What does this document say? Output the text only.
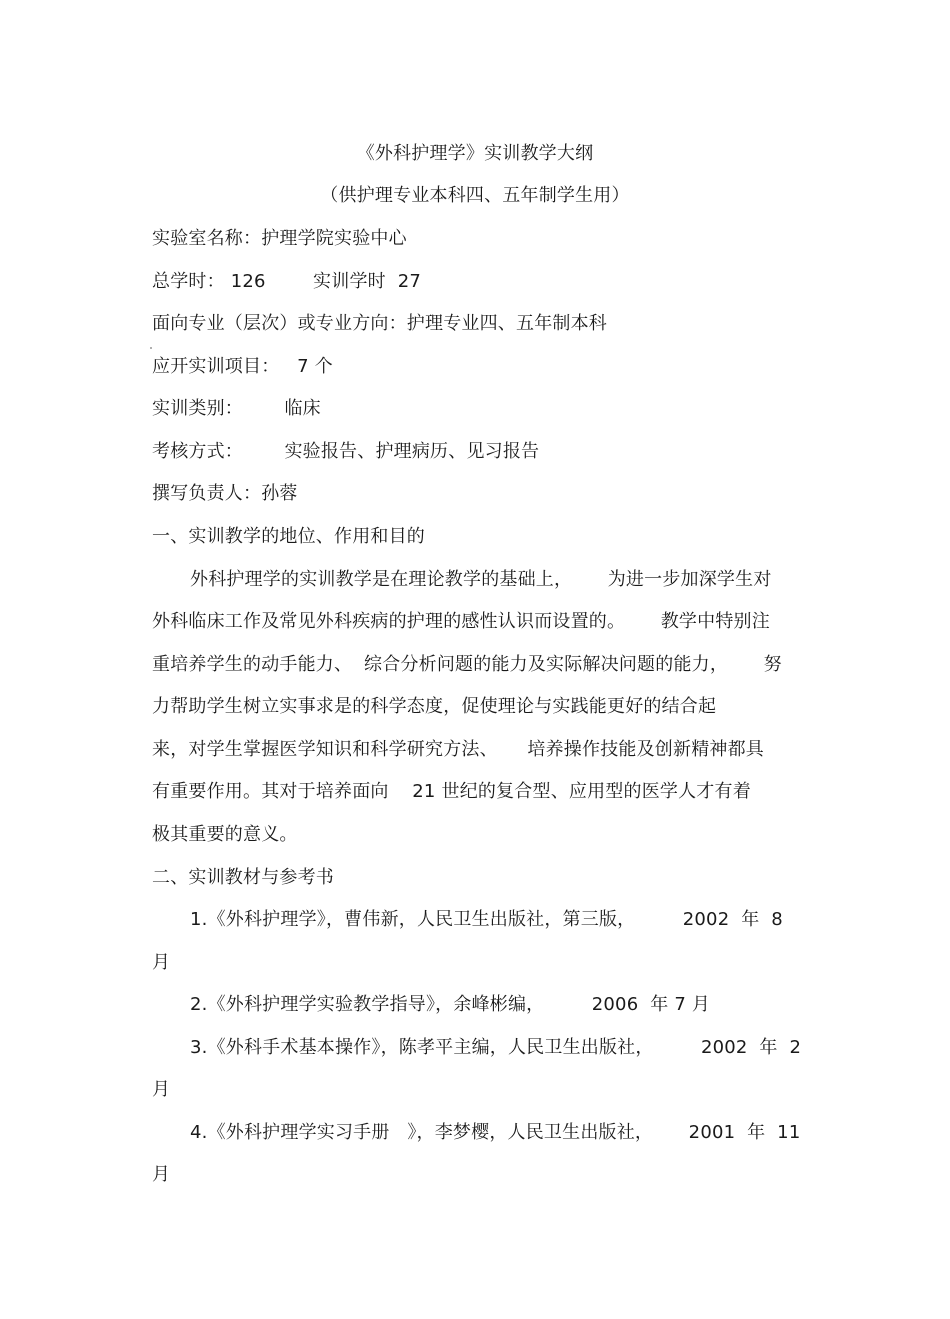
《外科护理学》实训教学大纲
（供护理专业本科四、五年制学生用）
实验室名称：护理学院实验中心
总学时： 126        实训学时  27
面向专业（层次）或专业方向：护理专业四、五年制本科
应开实训项目：   7 个
实训类别：       临床
考核方式：       实验报告、护理病历、见习报告
撰写负责人：孙蓉
一、实训教学的地位、作用和目的
外科护理学的实训教学是在理论教学的基础上，      为进一步加深学生对
外科临床工作及常见外科疾病的护理的感性认识而设置的。      教学中特别注
重培养学生的动手能力、  综合分析问题的能力及实际解决问题的能力，      努
力帮助学生树立实事求是的科学态度，促使理论与实践能更好的结合起
来，对学生掌握医学知识和科学研究方法、     培养操作技能及创新精神都具
有重要作用。其对于培养面向    21 世纪的复合型、应用型的医学人才有着
极其重要的意义。
二、实训教材与参考书
1.《外科护理学》，曹伟新，人民卫生出版社，第三版，        2002  年  8
月
2.《外科护理学实验教学指导》，余峰彬编，        2006  年 7 月
3.《外科手术基本操作》，陈孝平主编，人民卫生出版社，        2002  年  2
月
4.《外科护理学实习手册   》，李梦樱，人民卫生出版社，      2001  年  11
月
